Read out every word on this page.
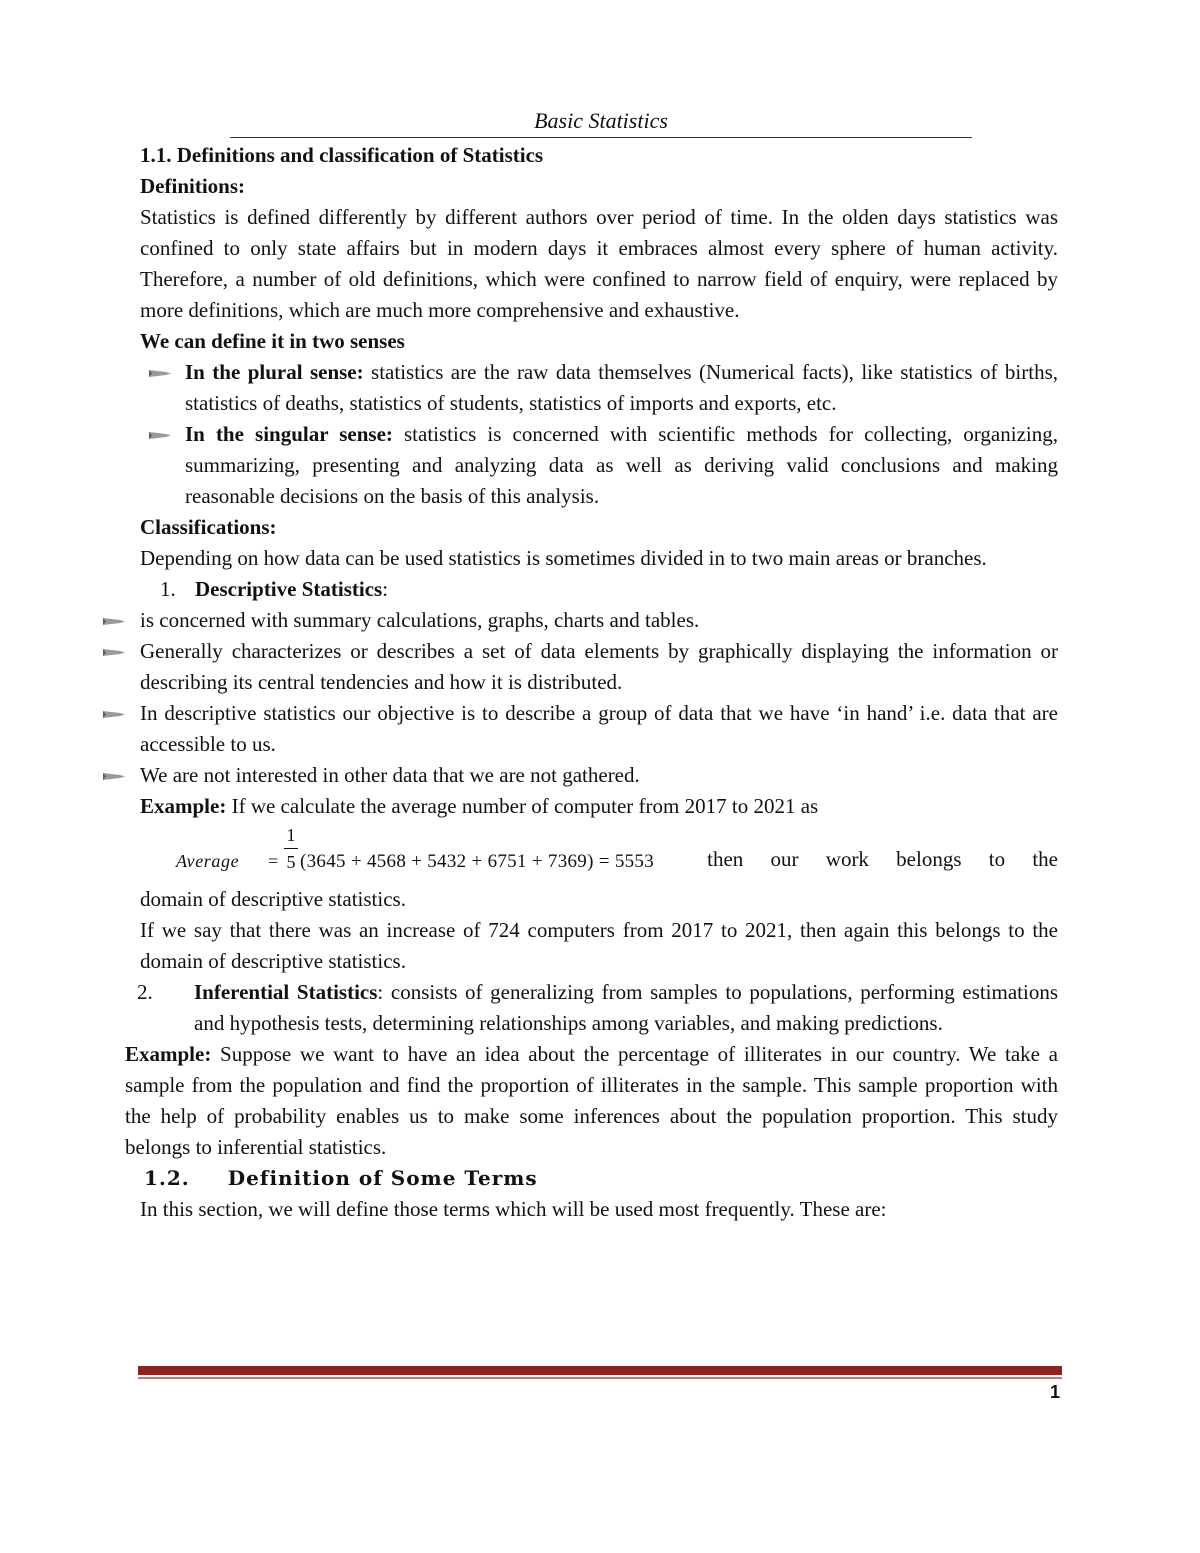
Basic Statistics

1.1. Definitions and classification of Statistics

Definitions:

Statistics is defined differently by different authors over period of time. In the olden days statistics was confined to only state affairs but in modern days it embraces almost every sphere of human activity. Therefore, a number of old definitions, which were confined to narrow field of enquiry, were replaced by more definitions, which are much more comprehensive and exhaustive.

We can define it in two senses

In the plural sense: statistics are the raw data themselves (Numerical facts), like statistics of births, statistics of deaths, statistics of students, statistics of imports and exports, etc.

In the singular sense: statistics is concerned with scientific methods for collecting, organizing, summarizing, presenting and analyzing data as well as deriving valid conclusions and making reasonable decisions on the basis of this analysis.

Classifications:

Depending on how data can be used statistics is sometimes divided in to two main areas or branches.

1. Descriptive Statistics:

is concerned with summary calculations, graphs, charts and tables.

Generally characterizes or describes a set of data elements by graphically displaying the information or describing its central tendencies and how it is distributed.

In descriptive statistics our objective is to describe a group of data that we have ‘in hand’ i.e. data that are accessible to us.

We are not interested in other data that we are not gathered.

Example: If we calculate the average number of computer from 2017 to 2021 as

Average =
1
5 (3645 + 4568 + 5432 + 6751 + 7369) = 5553	then our work belongs to the

domain of descriptive statistics.

If we say that there was an increase of 724 computers from 2017 to 2021, then again this belongs to the domain of descriptive statistics.

2.	Inferential Statistics: consists of generalizing from samples to populations, performing estimations and hypothesis tests, determining relationships among variables, and making predictions.

Example: Suppose we want to have an idea about the percentage of illiterates in our country. We take a sample from the population and find the proportion of illiterates in the sample. This sample proportion with the help of probability enables us to make some inferences about the population proportion. This study belongs to inferential statistics.

1.2. Definition of Some Terms

In this section, we will define those terms which will be used most frequently. These are:

1
